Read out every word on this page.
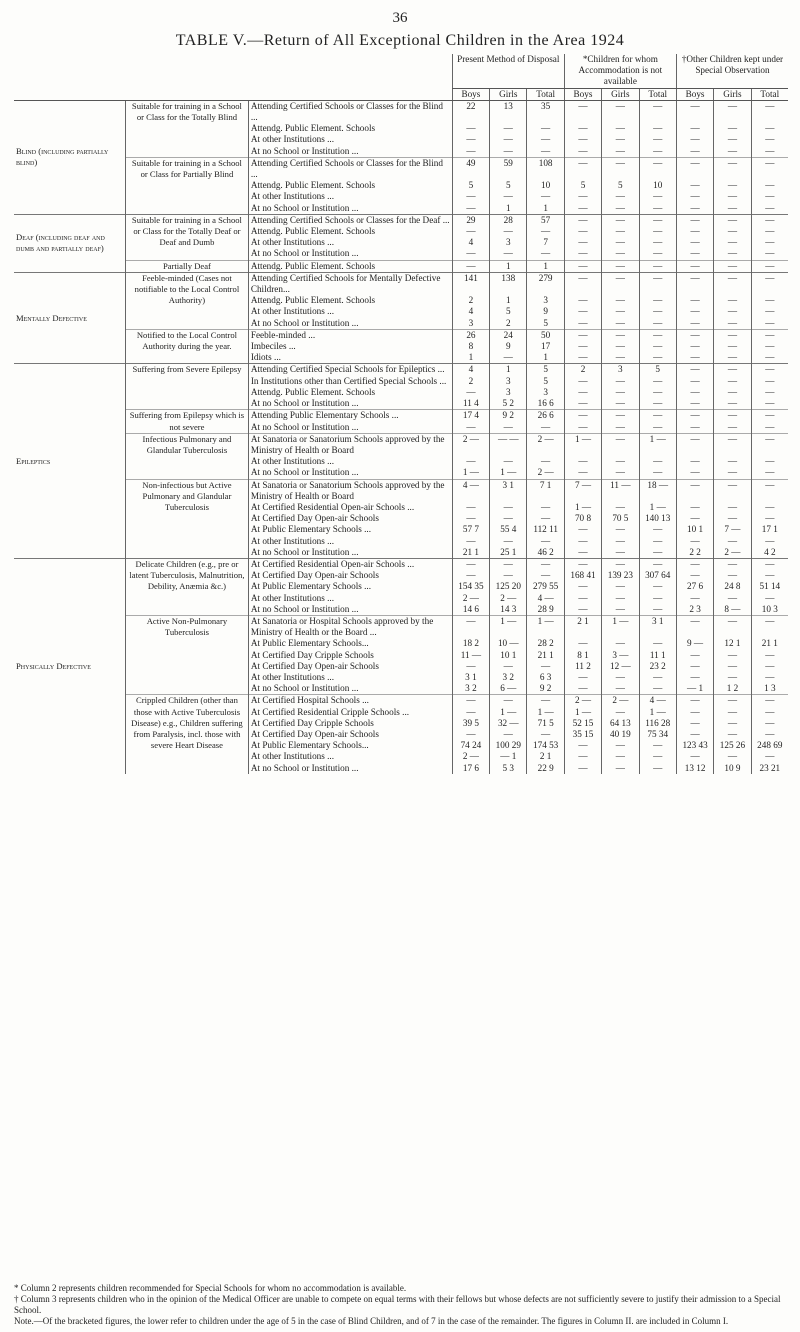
36
TABLE V.—Return of All Exceptional Children in the Area 1924
			Present Method of Disposal			*Children for whom Accommodation is not available			†Other Children kept under Special Observation		
			Boys	Girls	Total	Boys	Girls	Total	Boys	Girls	Total
Blind (including partially blind)	Suitable for training in a School or Class for the Totally Blind	Attending Certified Schools or Classes for the Blind ...	22	13	35	—	—	—	—	—	—
		Attendg. Public Element. Schools	—	—	—	—	—	—	—	—	—
		At other Institutions ...	—	—	—	—	—	—	—	—	—
		At no School or Institution ...	—	—	—	—	—	—	—	—	—
	Suitable for training in a School or Class for Partially Blind	Attending Certified Schools or Classes for the Blind ...	49	59	108	—	—	—	—	—	—
		Attendg. Public Element. Schools	5	5	10	5	5	10	—	—	—
		At other Institutions ...	—	—	—	—	—	—	—	—	—
		At no School or Institution ...	—	1	1	—	—	—	—	—	—
Deaf (including deaf and dumb and partially deaf)	Suitable for training in a School or Class for the Totally Deaf or Deaf and Dumb	Attending Certified Schools or Classes for the Deaf ...	29	28	57	—	—	—	—	—	—
		Attendg. Public Element. Schools	—	—	—	—	—	—	—	—	—
		At other Institutions ...	4	3	7	—	—	—	—	—	—
		At no School or Institution ...	—	—	—	—	—	—	—	—	—
	Partially Deaf	Attendg. Public Element. Schools	—	1	1	—	—	—	—	—	—
Mentally Defective	Feeble-minded (Cases not notifiable to the Local Control Authority)	Attending Certified Schools for Mentally Defective Children...	141	138	279	—	—	—	—	—	—
		Attendg. Public Element. Schools	2	1	3	—	—	—	—	—	—
		At other Institutions ...	4	5	9	—	—	—	—	—	—
		At no School or Institution ...	3	2	5	—	—	—	—	—	—
	Notified to the Local Control Authority during the year.	Feeble-minded ...	26	24	50	—	—	—	—	—	—
		Imbeciles ...	8	9	17	—	—	—	—	—	—
		Idiots ...	1	—	1	—	—	—	—	—	—
Epileptics	Suffering from Severe Epilepsy	Attending Certified Special Schools for Epileptics ...	4	1	5	2	3	5	—	—	—
		In Institutions other than Certified Special Schools ...	2	3	5	—	—	—	—	—	—
		Attendg. Public Element. Schools	—	3	3	—	—	—	—	—	—
		At no School or Institution ...	11 4	5 2	16 6	—	—	—	—	—	—
	Suffering from Epilepsy which is not severe	Attending Public Elementary Schools ...	17 4	9 2	26 6	—	—	—	—	—	—
		At no School or Institution ...	—	—	—	—	—	—	—	—	—
	Infectious Pulmonary and Glandular Tuberculosis	At Sanatoria or Sanatorium Schools approved by the Ministry of Health or Board	2 —	— —	2 —	1 —	—	1 —	—	—	—
		At other Institutions ...	—	—	—	—	—	—	—	—	—
		At no School or Institution ...	1 —	1 —	2 —	—	—	—	—	—	—
	Non-infectious but Active Pulmonary and Glandular Tuberculosis	At Sanatoria or Sanatorium Schools approved by the Ministry of Health or Board	4 —	3 1	7 1	7 —	11 —	18 —	—	—	—
		At Certified Residential Open-air Schools ...	—	—	—	1 —	—	1 —	—	—	—
		At Certified Day Open-air Schools	—	—	—	70 8	70 5	140 13	—	—	—
		At Public Elementary Schools ...	57 7	55 4	112 11	—	—	—	10 1	7 —	17 1
		At other Institutions ...	—	—	—	—	—	—	—	—	—
		At no School or Institution ...	21 1	25 1	46 2	—	—	—	2 2	2 —	4 2
Physically Defective	Delicate Children (e.g., pre or latent Tuberculosis, Malnutrition, Debility, Anæmia &c.)	At Certified Residential Open-air Schools ...	—	—	—	—	—	—	—	—	—
		At Certified Day Open-air Schools	—	—	—	168 41	139 23	307 64	—	—	—
		At Public Elementary Schools ...	154 35	125 20	279 55	—	—	—	27 6	24 8	51 14
		At other Institutions ...	2 —	2 —	4 —	—	—	—	—	—	—
		At no School or Institution ...	14 6	14 3	28 9	—	—	—	2 3	8 —	10 3
	Active Non-Pulmonary Tuberculosis	At Sanatoria or Hospital Schools approved by the Ministry of Health or the Board ...	—	1 —	1 —	2 1	1 —	3 1	—	—	—
		At Public Elementary Schools...	18 2	10 —	28 2	—	—	—	9 —	12 1	21 1
		At Certified Day Cripple Schools	11 —	10 1	21 1	8 1	3 —	11 1	—	—	—
		At Certified Day Open-air Schools	—	—	—	11 2	12 —	23 2	—	—	—
		At other Institutions ...	3 1	3 2	6 3	—	—	—	—	—	—
		At no School or Institution ...	3 2	6 —	9 2	—	—	—	— 1	1 2	1 3
	Crippled Children (other than those with Active Tuberculosis Disease) e.g., Children suffering from Paralysis, incl. those with severe Heart Disease	At Certified Hospital Schools ...	—	—	—	2 —	2 —	4 —	—	—	—
		At Certified Residential Cripple Schools ...	—	1 —	1 —	1 —	—	1 —	—	—	—
		At Certified Day Cripple Schools	39 5	32 —	71 5	52 15	64 13	116 28	—	—	—
		At Certified Day Open-air Schools	—	—	—	35 15	40 19	75 34	—	—	—
		At Public Elementary Schools...	74 24	100 29	174 53	—	—	—	123 43	125 26	248 69
		At other Institutions ...	2 —	— 1	2 1	—	—	—	—	—	—
		At no School or Institution ...	17 6	5 3	22 9	—	—	—	13 12	10 9	23 21
* Column 2 represents children recommended for Special Schools for whom no accommodation is available.
† Column 3 represents children who in the opinion of the Medical Officer are unable to compete on equal terms with their fellows but whose defects are not sufficiently severe to justify their admission to a Special School.
Note.—Of the bracketed figures, the lower refer to children under the age of 5 in the case of Blind Children, and of 7 in the case of the remainder. The figures in Column II. are included in Column I.
